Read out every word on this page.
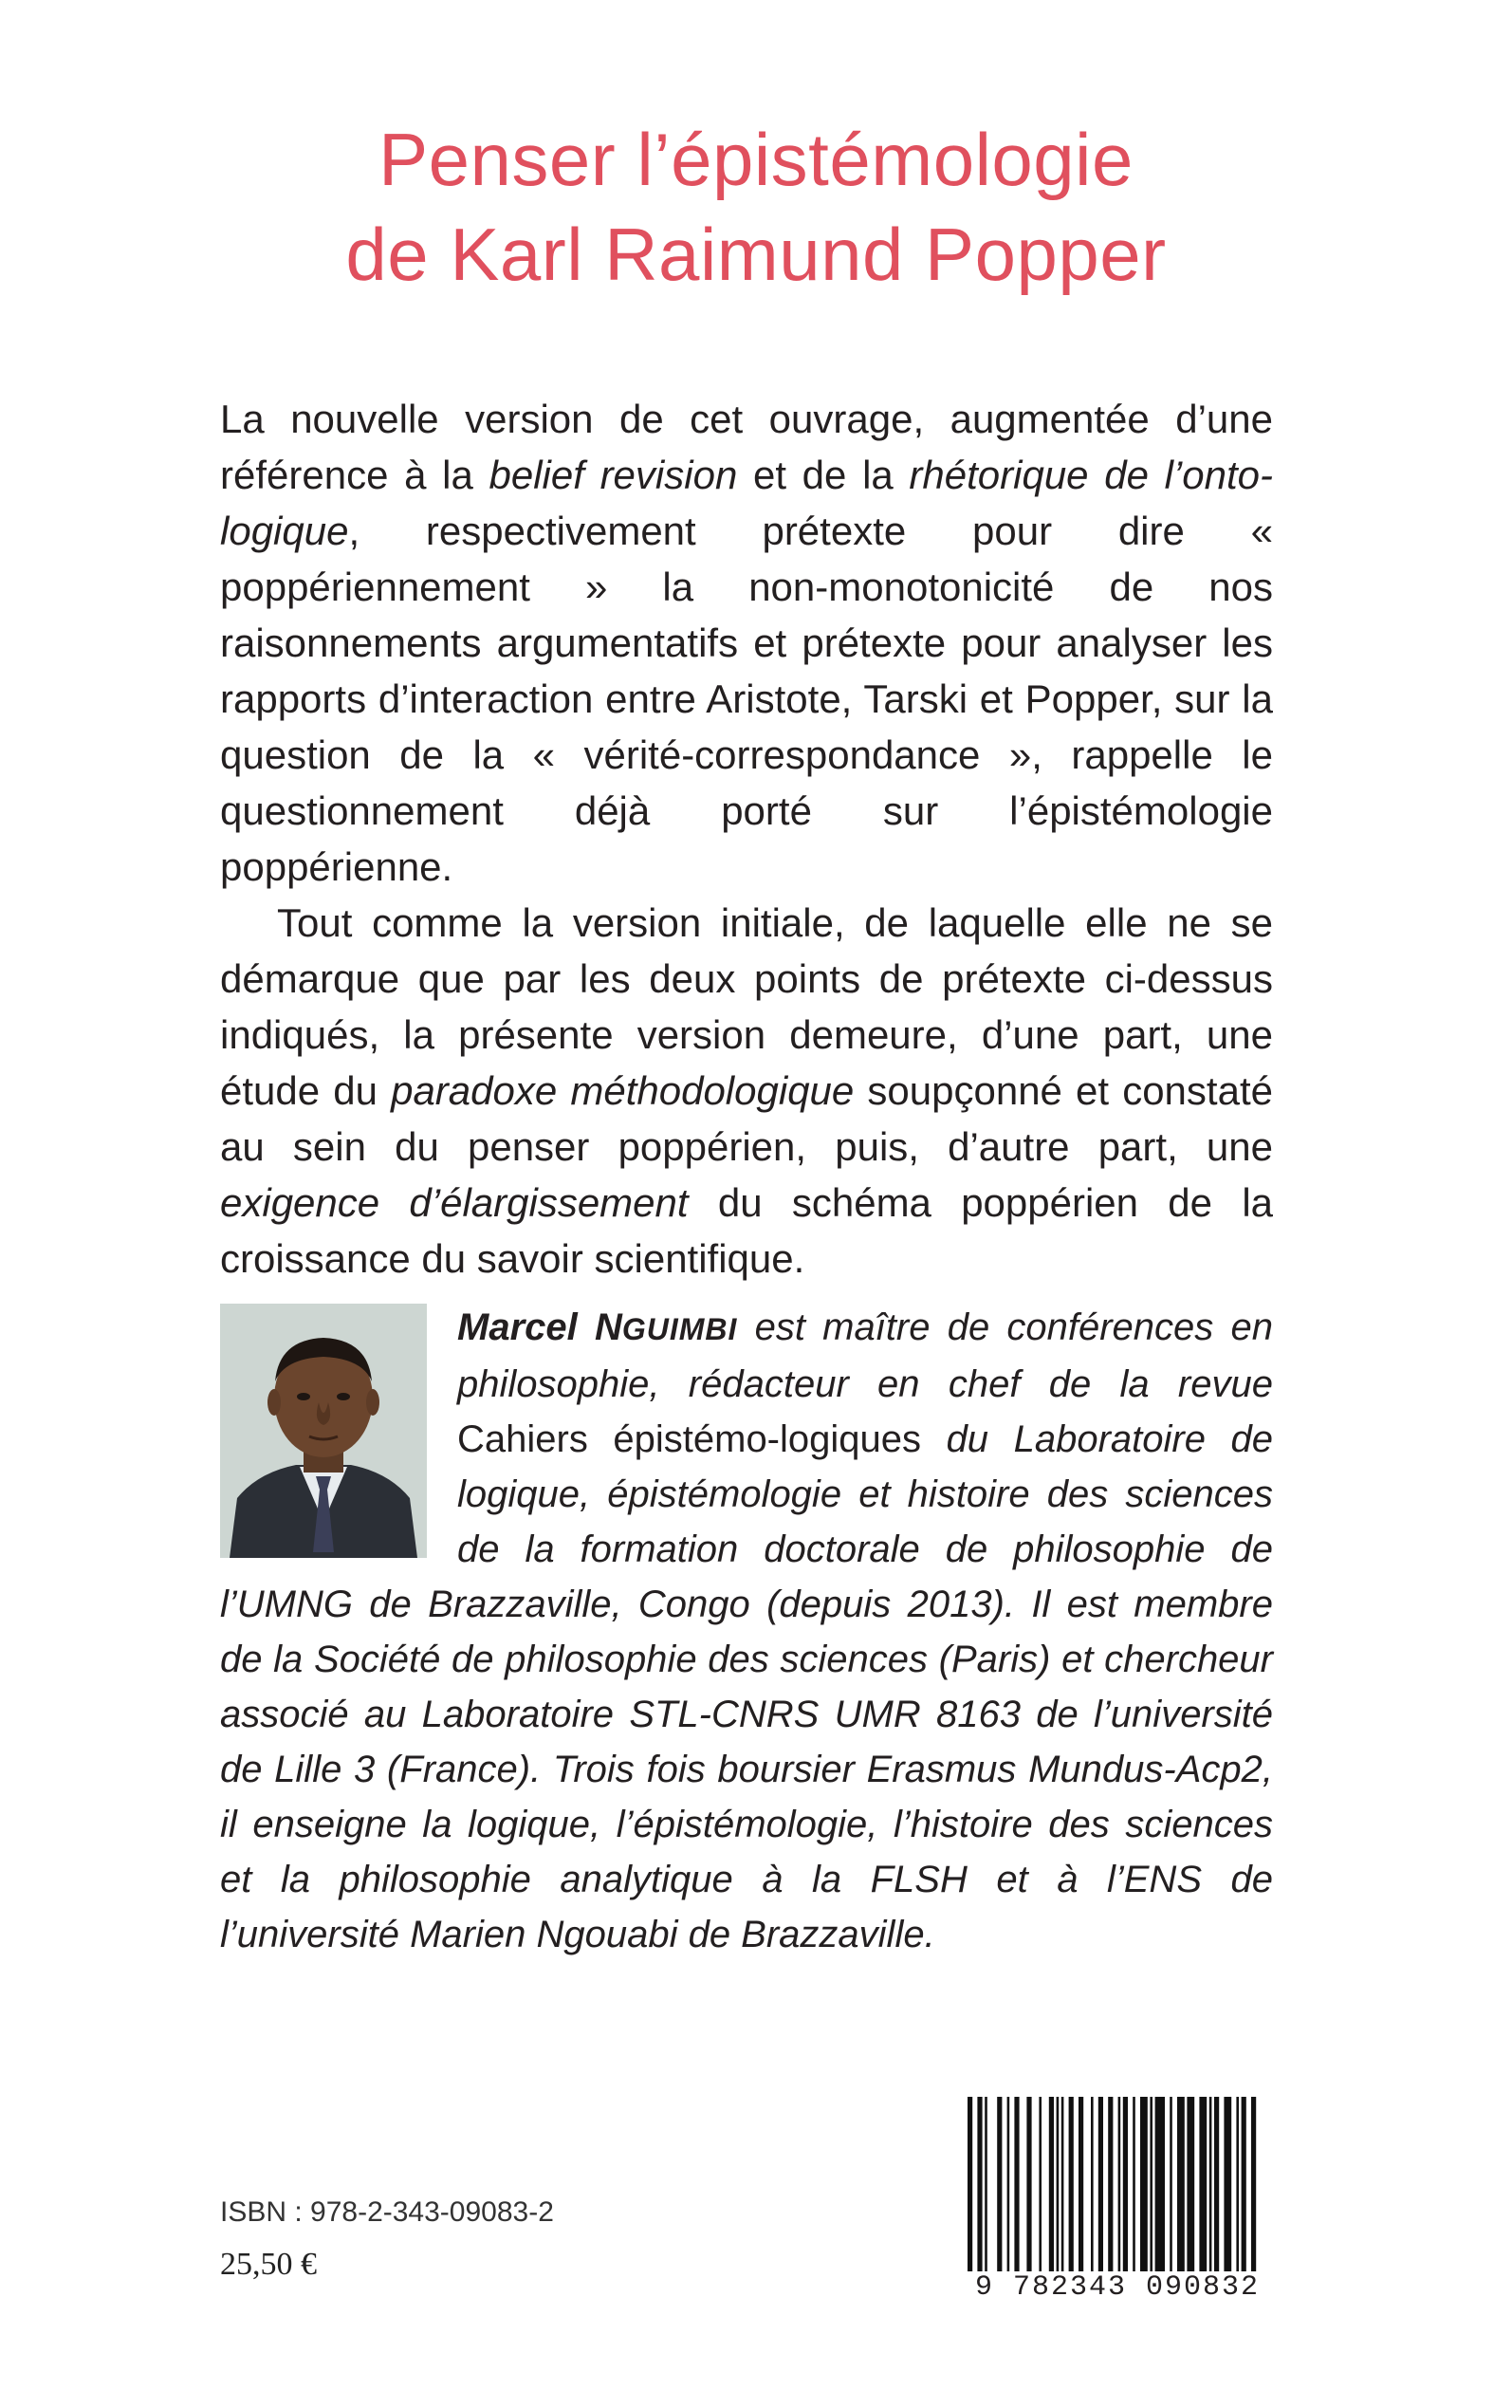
Penser l’épistémologie
de Karl Raimund Popper

La nouvelle version de cet ouvrage, augmentée d’une référence à la belief revision et de la rhétorique de l’onto-logique, respectivement prétexte pour dire « poppériennement » la non-monotonicité de nos raisonnements argumentatifs et prétexte pour analyser les rapports d’interaction entre Aristote, Tarski et Popper, sur la question de la « vérité-correspondance », rappelle le questionnement déjà porté sur l’épistémologie poppérienne.

Tout comme la version initiale, de laquelle elle ne se démarque que par les deux points de prétexte ci-dessus indiqués, la présente version demeure, d’une part, une étude du paradoxe méthodologique soupçonné et constaté au sein du penser poppérien, puis, d’autre part, une exigence d’élargissement du schéma poppérien de la croissance du savoir scientifique.

Marcel NGUIMBI est maître de conférences en philosophie, rédacteur en chef de la revue Cahiers épistémo-logiques du Laboratoire de logique, épistémologie et histoire des sciences de la formation doctorale de philosophie de l’UMNG de Brazzaville, Congo (depuis 2013). Il est membre de la Société de philosophie des sciences (Paris) et chercheur associé au Laboratoire STL-CNRS UMR 8163 de l’université de Lille 3 (France). Trois fois boursier Erasmus Mundus-Acp2, il enseigne la logique, l’épistémologie, l’histoire des sciences et la philosophie analytique à la FLSH et à l’ENS de l’université Marien Ngouabi de Brazzaville.
ISBN : 978-2-343-09083-2
25,50 €
9 782343 090832
